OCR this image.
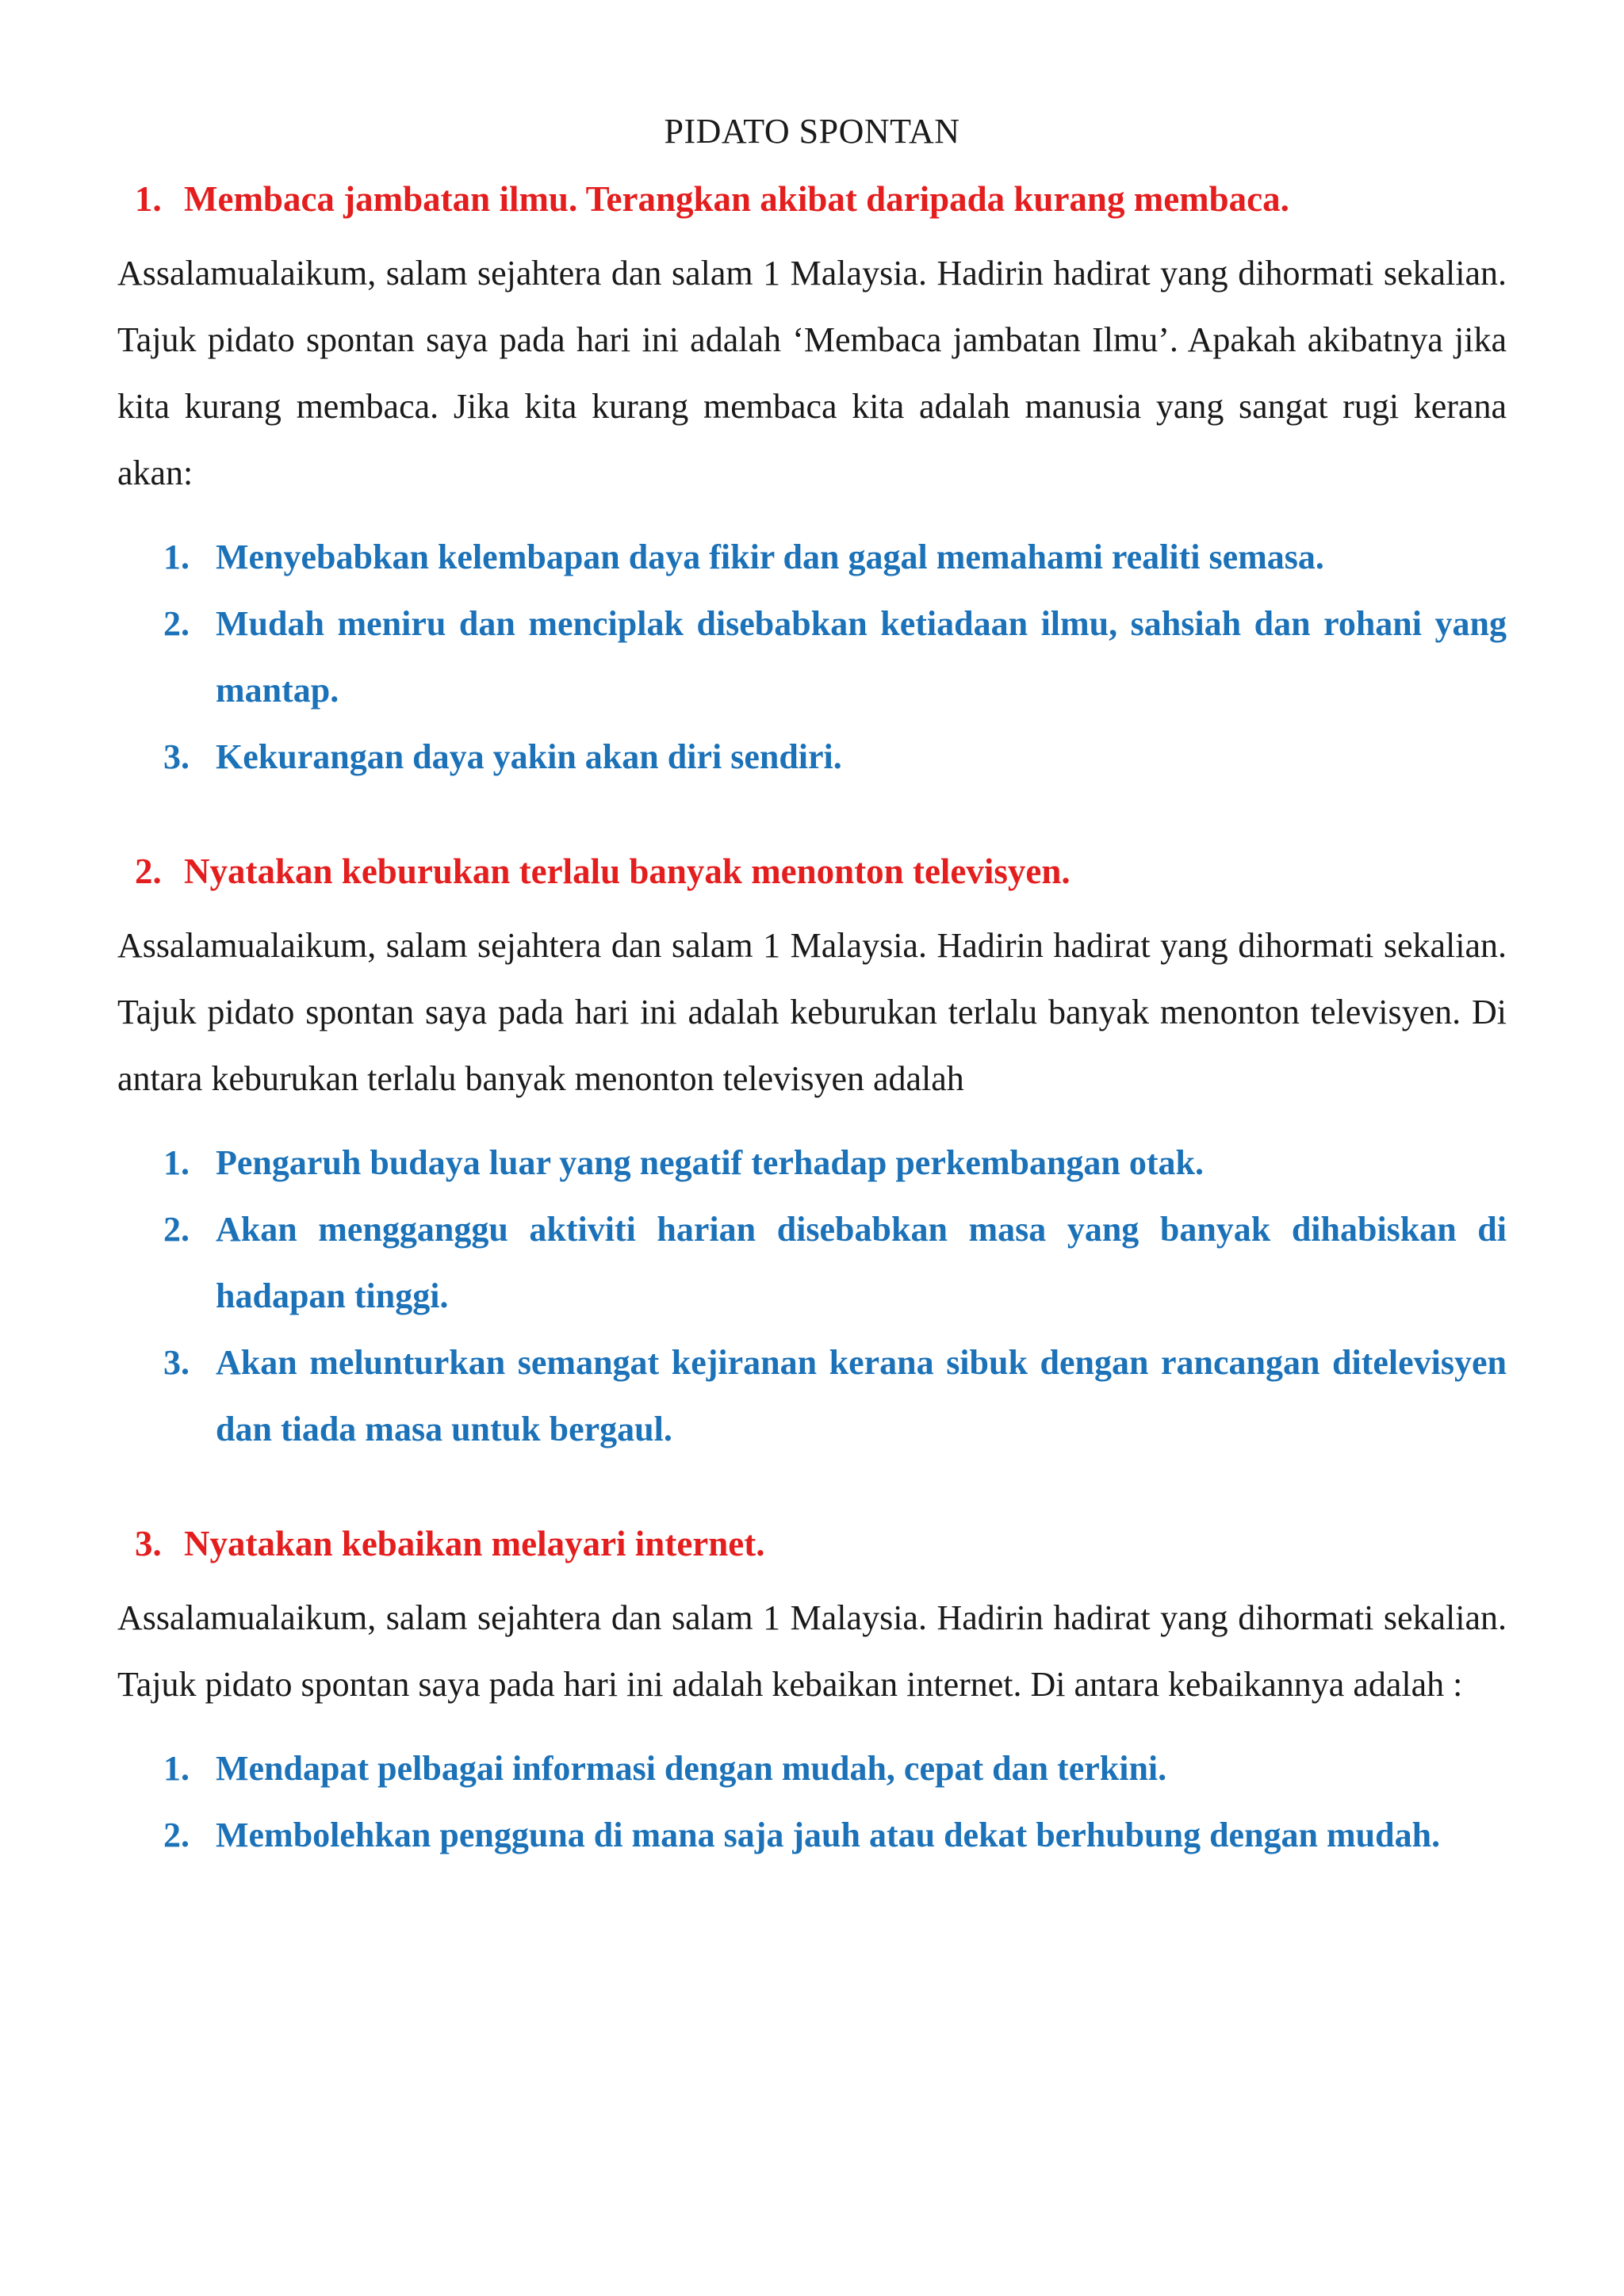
PIDATO SPONTAN
1. Membaca jambatan ilmu. Terangkan akibat daripada kurang membaca.

Assalamualaikum, salam sejahtera dan salam 1 Malaysia. Hadirin hadirat yang dihormati sekalian. Tajuk pidato spontan saya pada hari ini adalah ‘Membaca jambatan Ilmu’. Apakah akibatnya jika kita kurang membaca. Jika kita kurang membaca kita adalah manusia yang sangat rugi kerana akan:

1. Menyebabkan kelembapan daya fikir dan gagal memahami realiti semasa.
2. Mudah meniru dan menciplak disebabkan ketiadaan ilmu, sahsiah dan rohani yang mantap.
3. Kekurangan daya yakin akan diri sendiri.
2. Nyatakan keburukan terlalu banyak menonton televisyen.

Assalamualaikum, salam sejahtera dan salam 1 Malaysia. Hadirin hadirat yang dihormati sekalian. Tajuk pidato spontan saya pada hari ini adalah keburukan terlalu banyak menonton televisyen. Di antara keburukan terlalu banyak menonton televisyen adalah

1. Pengaruh budaya luar yang negatif terhadap perkembangan otak.
2. Akan mengganggu aktiviti harian disebabkan masa yang banyak dihabiskan di hadapan tinggi.
3. Akan melunturkan semangat kejiranan kerana sibuk dengan rancangan ditelevisyen dan tiada masa untuk bergaul.
3. Nyatakan kebaikan melayari internet.

Assalamualaikum, salam sejahtera dan salam 1 Malaysia. Hadirin hadirat yang dihormati sekalian. Tajuk pidato spontan saya pada hari ini adalah kebaikan internet. Di antara kebaikannya adalah :

1. Mendapat pelbagai informasi dengan mudah, cepat dan terkini.
2. Membolehkan pengguna di mana saja jauh atau dekat berhubung dengan mudah.
